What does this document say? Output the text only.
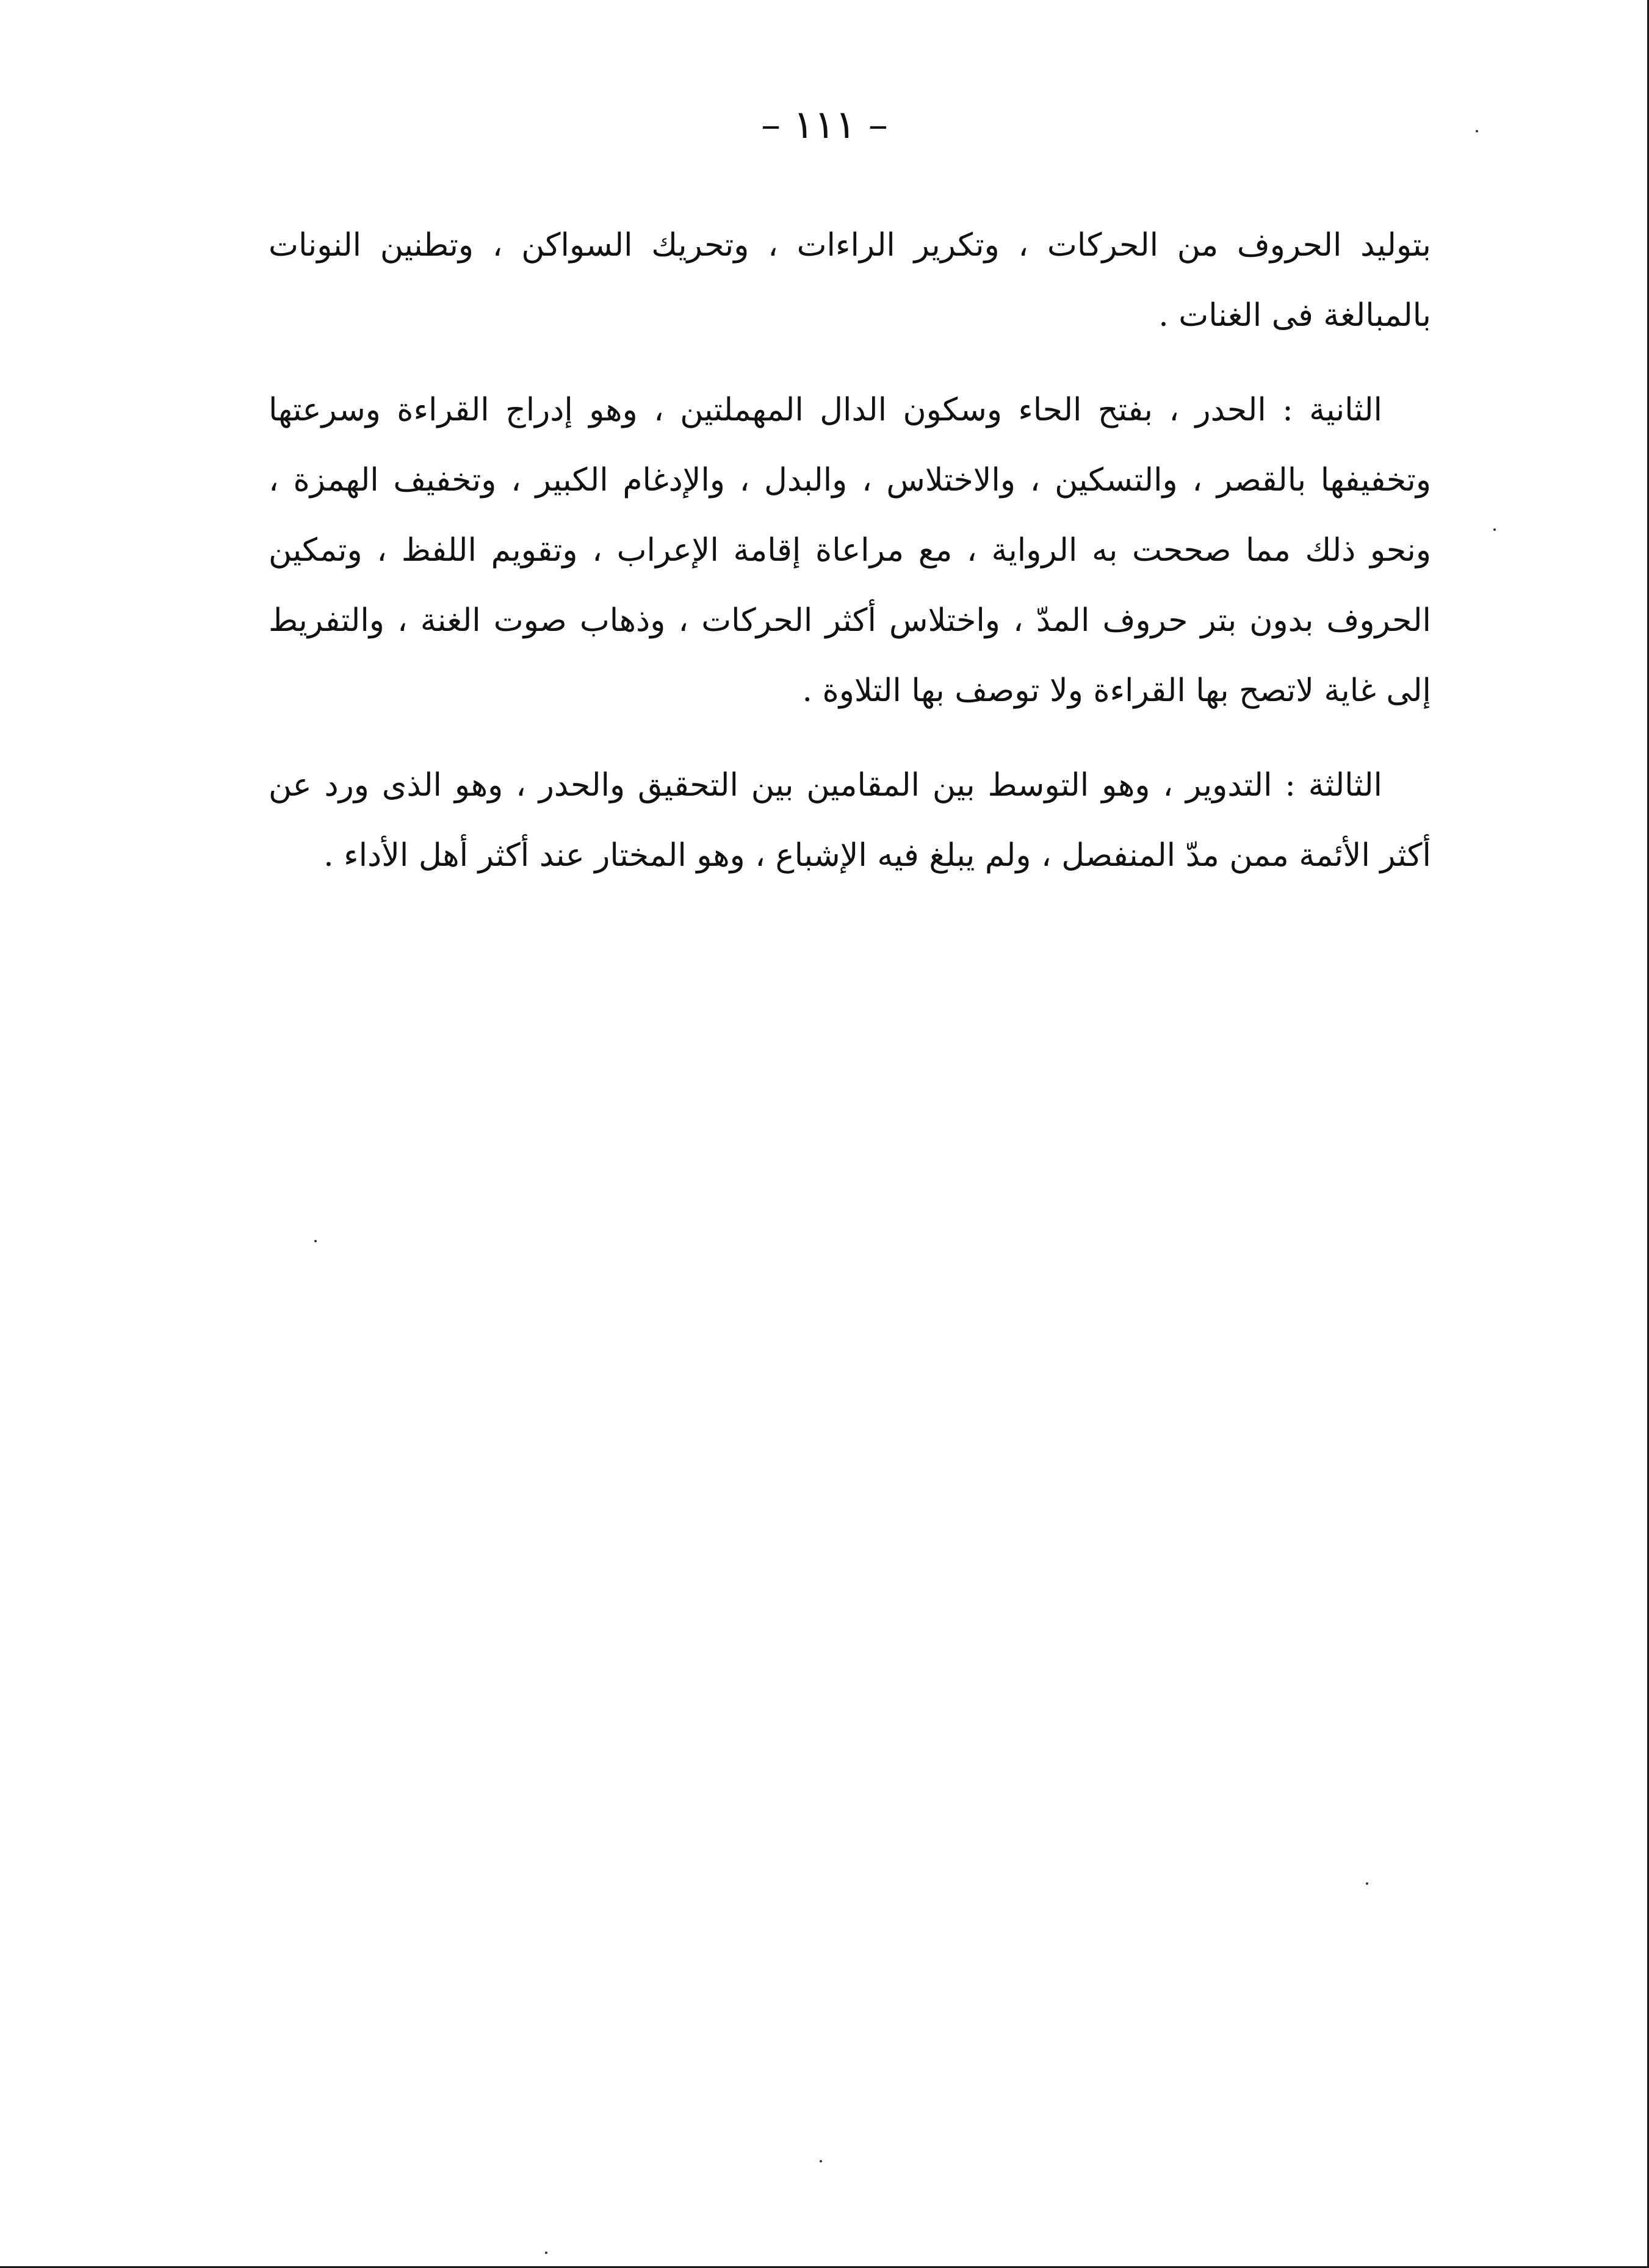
– ١١١ –

بتوليد الحروف من الحركات ، وتكرير الراءات ، وتحريك السواكن ، وتطنين النونات بالمبالغة فى الغنات .

الثانية : الحدر ، بفتح الحاء وسكون الدال المهملتين ، وهو إدراج القراءة وسرعتها وتخفيفها بالقصر ، والتسكين ، والاختلاس ، والبدل ، والإدغام الكبير ، وتخفيف الهمزة ، ونحو ذلك مما صححت به الرواية ، مع مراعاة إقامة الإعراب ، وتقويم اللفظ ، وتمكين الحروف بدون بتر حروف المدّ ، واختلاس أكثر الحركات ، وذهاب صوت الغنة ، والتفريط إلى غاية لاتصح بها القراءة ولا توصف بها التلاوة .

الثالثة : التدوير ، وهو التوسط بين المقامين بين التحقيق والحدر ، وهو الذى ورد عن أكثر الأئمة ممن مدّ المنفصل ، ولم يبلغ فيه الإشباع ، وهو المختار عند أكثر أهل الأداء .
